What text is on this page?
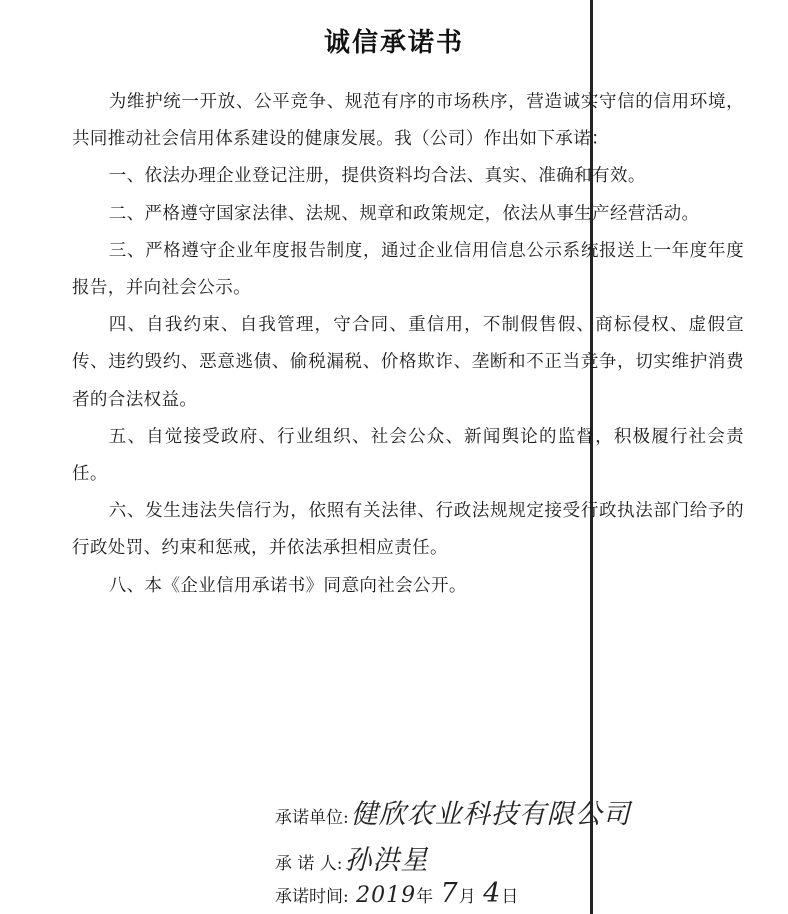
诚信承诺书

为维护统一开放、公平竞争、规范有序的市场秩序，营造诚实守信的信用环境，共同推动社会信用体系建设的健康发展。我（公司）作出如下承诺：

一、依法办理企业登记注册，提供资料均合法、真实、准确和有效。

二、严格遵守国家法律、法规、规章和政策规定，依法从事生产经营活动。

三、严格遵守企业年度报告制度，通过企业信用信息公示系统报送上一年度年度报告，并向社会公示。

四、自我约束、自我管理，守合同、重信用，不制假售假、商标侵权、虚假宣传、违约毁约、恶意逃债、偷税漏税、价格欺诈、垄断和不正当竞争，切实维护消费者的合法权益。

五、自觉接受政府、行业组织、社会公众、新闻舆论的监督，积极履行社会责任。

六、发生违法失信行为，依照有关法律、行政法规规定接受行政执法部门给予的行政处罚、约束和惩戒，并依法承担相应责任。

八、本《企业信用承诺书》同意向社会公开。

承诺单位:健欣农业科技有限公司
承 诺 人:孙洪星
承诺时间: 2019年 7月 4日
